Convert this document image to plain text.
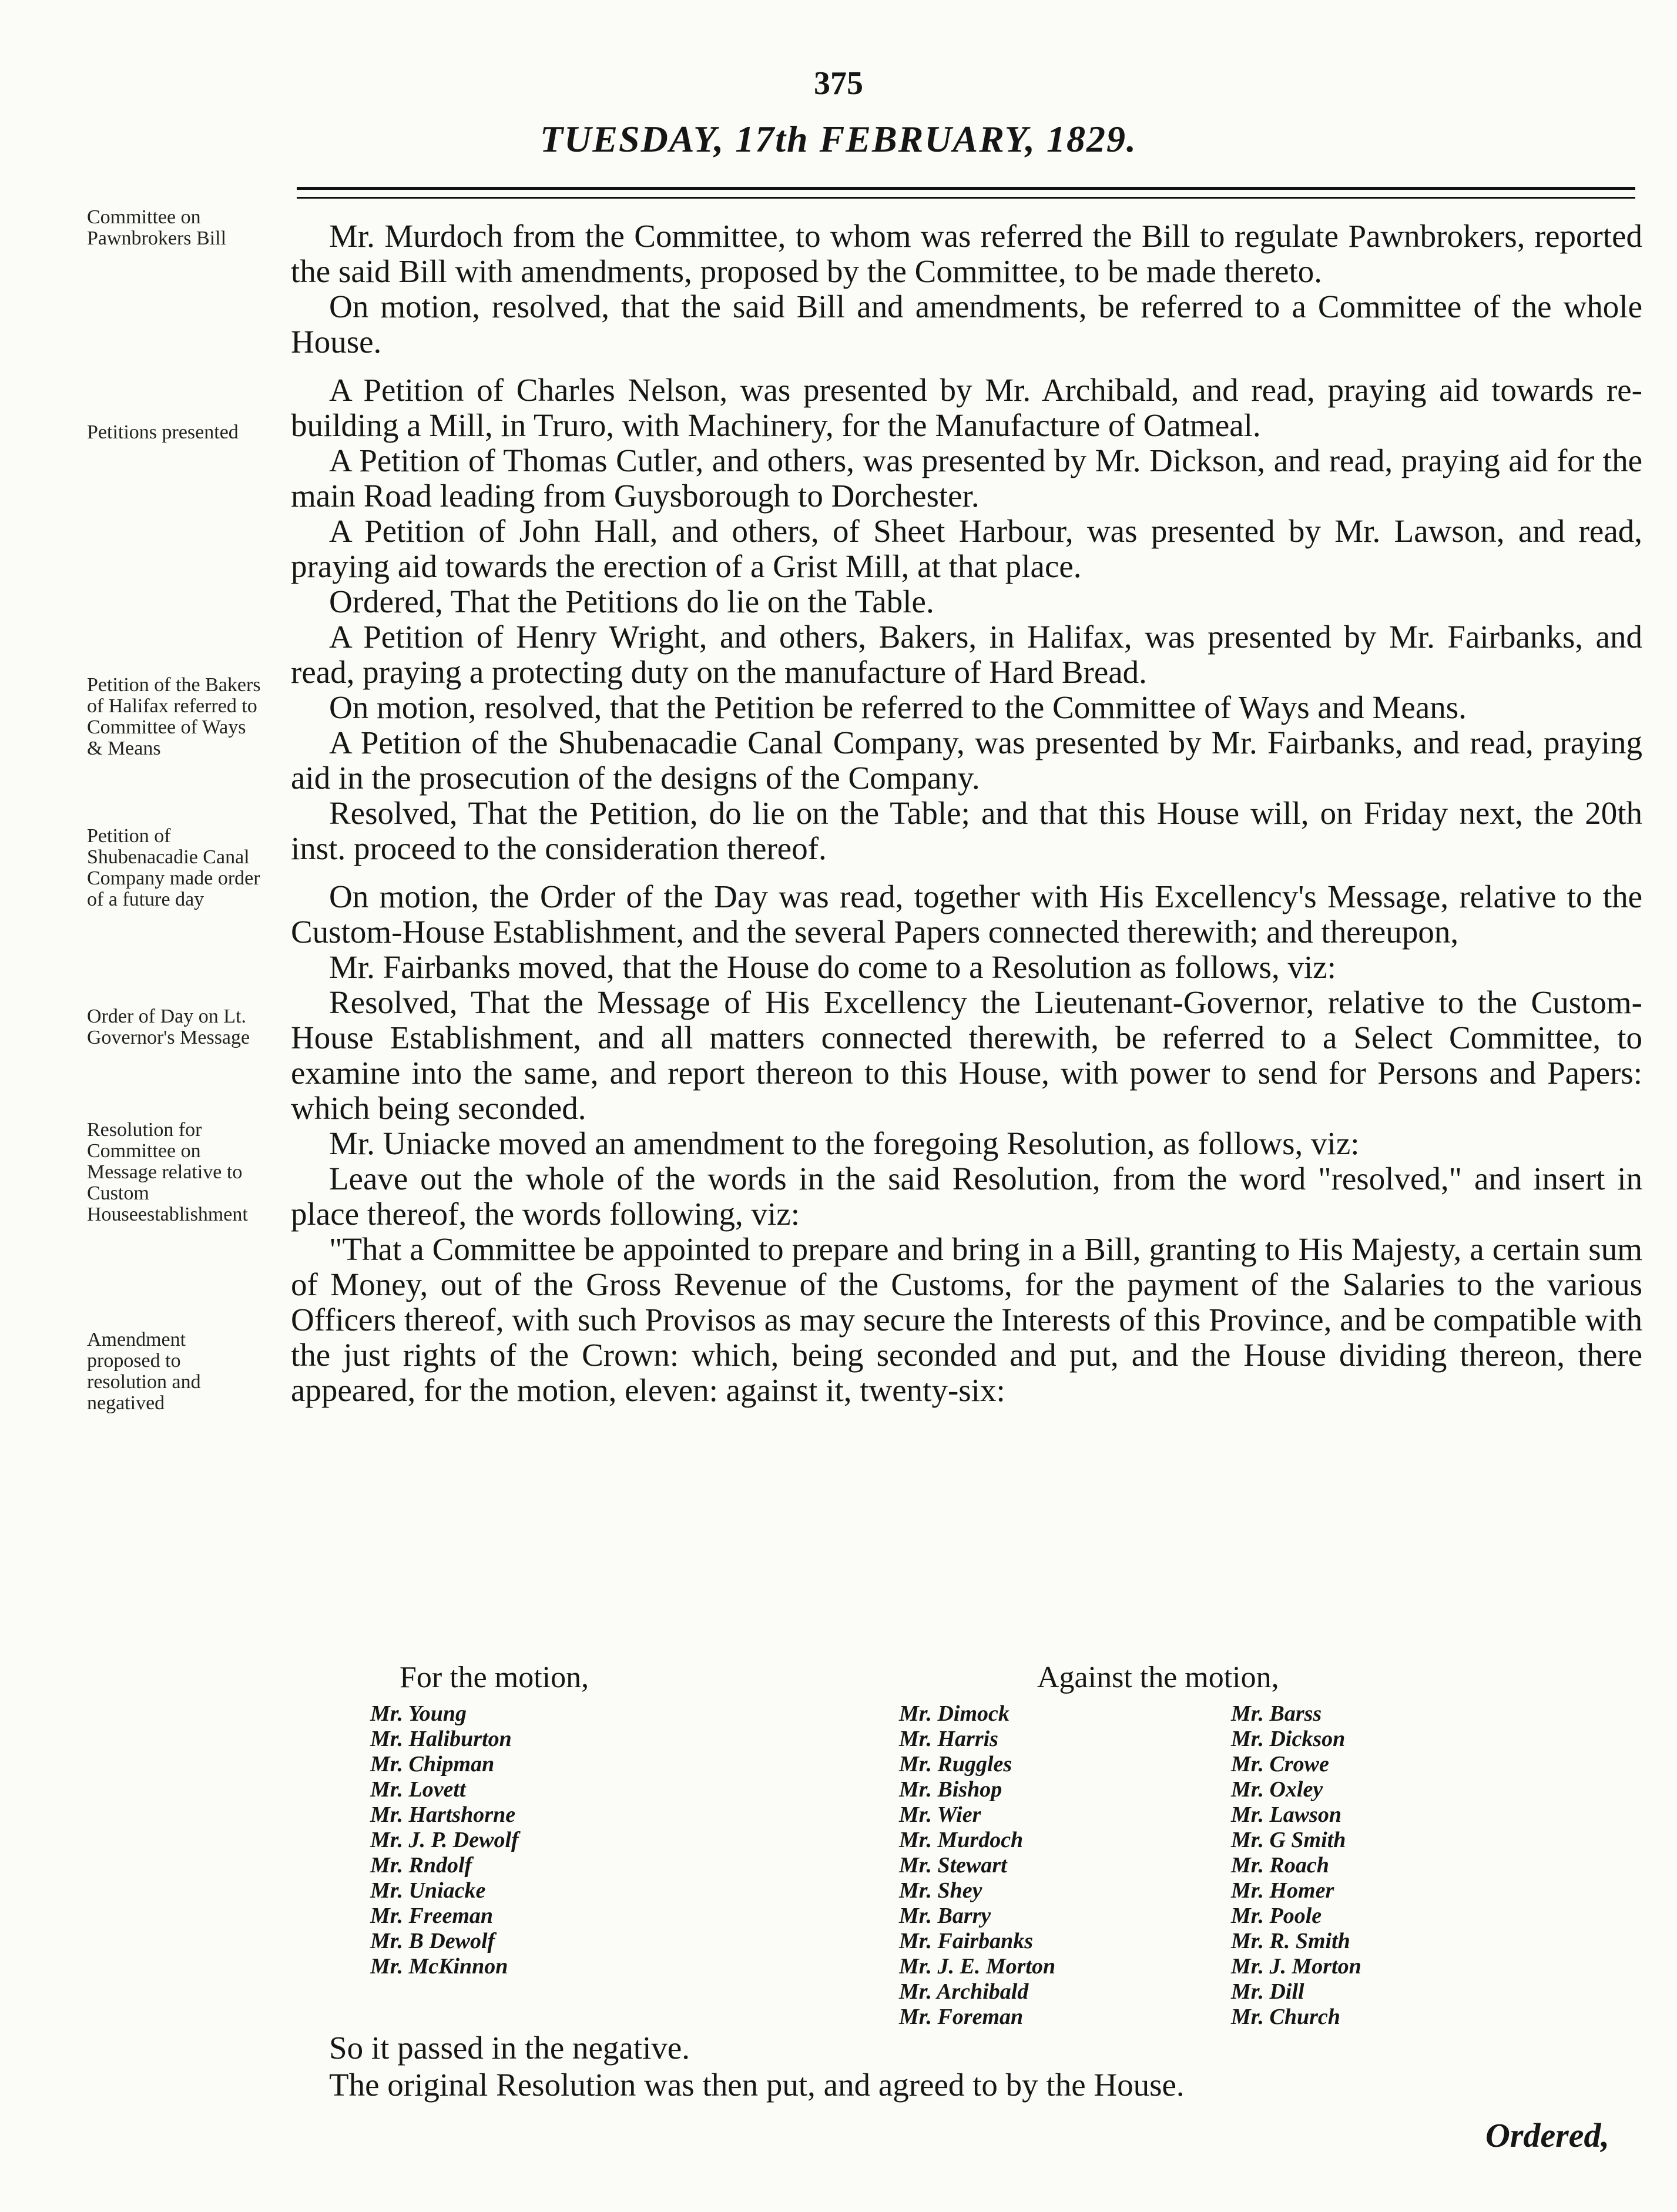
375
TUESDAY, 17th FEBRUARY, 1829.
Committee on Pawnbrokers Bill
Petitions presented
Petition of the Bakers of Halifax referred to Committee of Ways & Means
Petition of Shubenacadie Canal Company made order of a future day
Order of Day on Lt. Governor's Message
Resolution for Committee on Message relative to Custom Houseestablishment
Amendment proposed to resolution and negatived

Mr. Murdoch from the Committee, to whom was referred the Bill to regulate Pawnbrokers, reported the said Bill with amendments, proposed by the Committee, to be made thereto.

On motion, resolved, that the said Bill and amendments, be referred to a Committee of the whole House.

A Petition of Charles Nelson, was presented by Mr. Archibald, and read, praying aid towards re-building a Mill, in Truro, with Machinery, for the Manufacture of Oatmeal.

A Petition of Thomas Cutler, and others, was presented by Mr. Dickson, and read, praying aid for the main Road leading from Guysborough to Dorchester.

A Petition of John Hall, and others, of Sheet Harbour, was presented by Mr. Lawson, and read, praying aid towards the erection of a Grist Mill, at that place.

Ordered, That the Petitions do lie on the Table.

A Petition of Henry Wright, and others, Bakers, in Halifax, was presented by Mr. Fairbanks, and read, praying a protecting duty on the manufacture of Hard Bread.

On motion, resolved, that the Petition be referred to the Committee of Ways and Means.

A Petition of the Shubenacadie Canal Company, was presented by Mr. Fairbanks, and read, praying aid in the prosecution of the designs of the Company.

Resolved, That the Petition, do lie on the Table; and that this House will, on Friday next, the 20th inst. proceed to the consideration thereof.

On motion, the Order of the Day was read, together with His Excellency's Message, relative to the Custom-House Establishment, and the several Papers connected therewith; and thereupon,

Mr. Fairbanks moved, that the House do come to a Resolution as follows, viz:

Resolved, That the Message of His Excellency the Lieutenant-Governor, relative to the Custom-House Establishment, and all matters connected therewith, be referred to a Select Committee, to examine into the same, and report thereon to this House, with power to send for Persons and Papers: which being seconded.

Mr. Uniacke moved an amendment to the foregoing Resolution, as follows, viz:

Leave out the whole of the words in the said Resolution, from the word "resolved," and insert in place thereof, the words following, viz:

"That a Committee be appointed to prepare and bring in a Bill, granting to His Majesty, a certain sum of Money, out of the Gross Revenue of the Customs, for the payment of the Salaries to the various Officers thereof, with such Provisos as may secure the Interests of this Province, and be compatible with the just rights of the Crown: which, being seconded and put, and the House dividing thereon, there appeared, for the motion, eleven: against it, twenty-six:

For the motion,	Against the motion,
Mr. Young
Mr. Haliburton
Mr. Chipman
Mr. Lovett
Mr. Hartshorne
Mr. J. P. Dewolf
Mr. Rndolf
Mr. Uniacke
Mr. Freeman
Mr. B Dewolf
Mr. McKinnon
Mr. Dimock
Mr. Harris
Mr. Ruggles
Mr. Bishop
Mr. Wier
Mr. Murdoch
Mr. Stewart
Mr. Shey
Mr. Barry
Mr. Fairbanks
Mr. J. E. Morton
Mr. Archibald
Mr. Foreman
Mr. Barss
Mr. Dickson
Mr. Crowe
Mr. Oxley
Mr. Lawson
Mr. G Smith
Mr. Roach
Mr. Homer
Mr. Poole
Mr. R. Smith
Mr. J. Morton
Mr. Dill
Mr. Church
So it passed in the negative.
The original Resolution was then put, and agreed to by the House.
Ordered,
